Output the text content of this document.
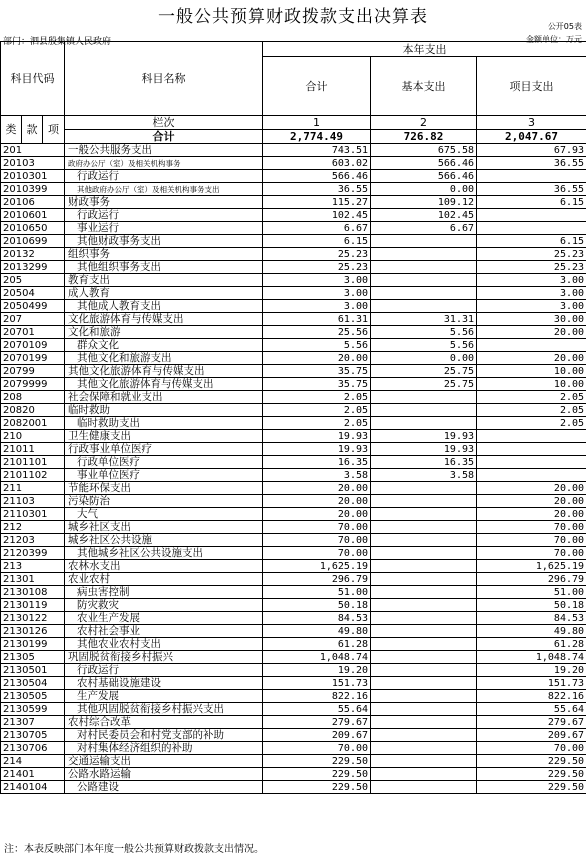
一般公共预算财政拨款支出决算表	公开05表
部门：泗县殷集镇人民政府	金额单位：万元
科目代码			科目名称	本年支出		
				合计	基本支出	项目支出

类	款	项	栏次	1	2	3
			合计	2,774.49	726.82	2,047.67
201			一般公共服务支出	743.51	675.58	67.93
20103			政府办公厅（室）及相关机构事务	603.02	566.46	36.55
2010301			行政运行	566.46	566.46	
2010399			其他政府办公厅（室）及相关机构事务支出	36.55	0.00	36.55
20106			财政事务	115.27	109.12	6.15
2010601			行政运行	102.45	102.45	
2010650			事业运行	6.67	6.67	
2010699			其他财政事务支出	6.15		6.15
20132			组织事务	25.23		25.23
2013299			其他组织事务支出	25.23		25.23
205			教育支出	3.00		3.00
20504			成人教育	3.00		3.00
2050499			其他成人教育支出	3.00		3.00
207			文化旅游体育与传媒支出	61.31	31.31	30.00
20701			文化和旅游	25.56	5.56	20.00
2070109			群众文化	5.56	5.56	
2070199			其他文化和旅游支出	20.00	0.00	20.00
20799			其他文化旅游体育与传媒支出	35.75	25.75	10.00
2079999			其他文化旅游体育与传媒支出	35.75	25.75	10.00
208			社会保障和就业支出	2.05		2.05
20820			临时救助	2.05		2.05
2082001			临时救助支出	2.05		2.05
210			卫生健康支出	19.93	19.93	
21011			行政事业单位医疗	19.93	19.93	
2101101			行政单位医疗	16.35	16.35	
2101102			事业单位医疗	3.58	3.58	
211			节能环保支出	20.00		20.00
21103			污染防治	20.00		20.00
2110301			大气	20.00		20.00
212			城乡社区支出	70.00		70.00
21203			城乡社区公共设施	70.00		70.00
2120399			其他城乡社区公共设施支出	70.00		70.00
213			农林水支出	1,625.19		1,625.19
21301			农业农村	296.79		296.79
2130108			病虫害控制	51.00		51.00
2130119			防灾救灾	50.18		50.18
2130122			农业生产发展	84.53		84.53
2130126			农村社会事业	49.80		49.80
2130199			其他农业农村支出	61.28		61.28
21305			巩固脱贫衔接乡村振兴	1,048.74		1,048.74
2130501			行政运行	19.20		19.20
2130504			农村基础设施建设	151.73		151.73
2130505			生产发展	822.16		822.16
2130599			其他巩固脱贫衔接乡村振兴支出	55.64		55.64
21307			农村综合改革	279.67		279.67
2130705			对村民委员会和村党支部的补助	209.67		209.67
2130706			对村集体经济组织的补助	70.00		70.00
214			交通运输支出	229.50		229.50
21401			公路水路运输	229.50		229.50
2140104			公路建设	229.50		229.50
注：本表反映部门本年度一般公共预算财政拨款支出情况。
